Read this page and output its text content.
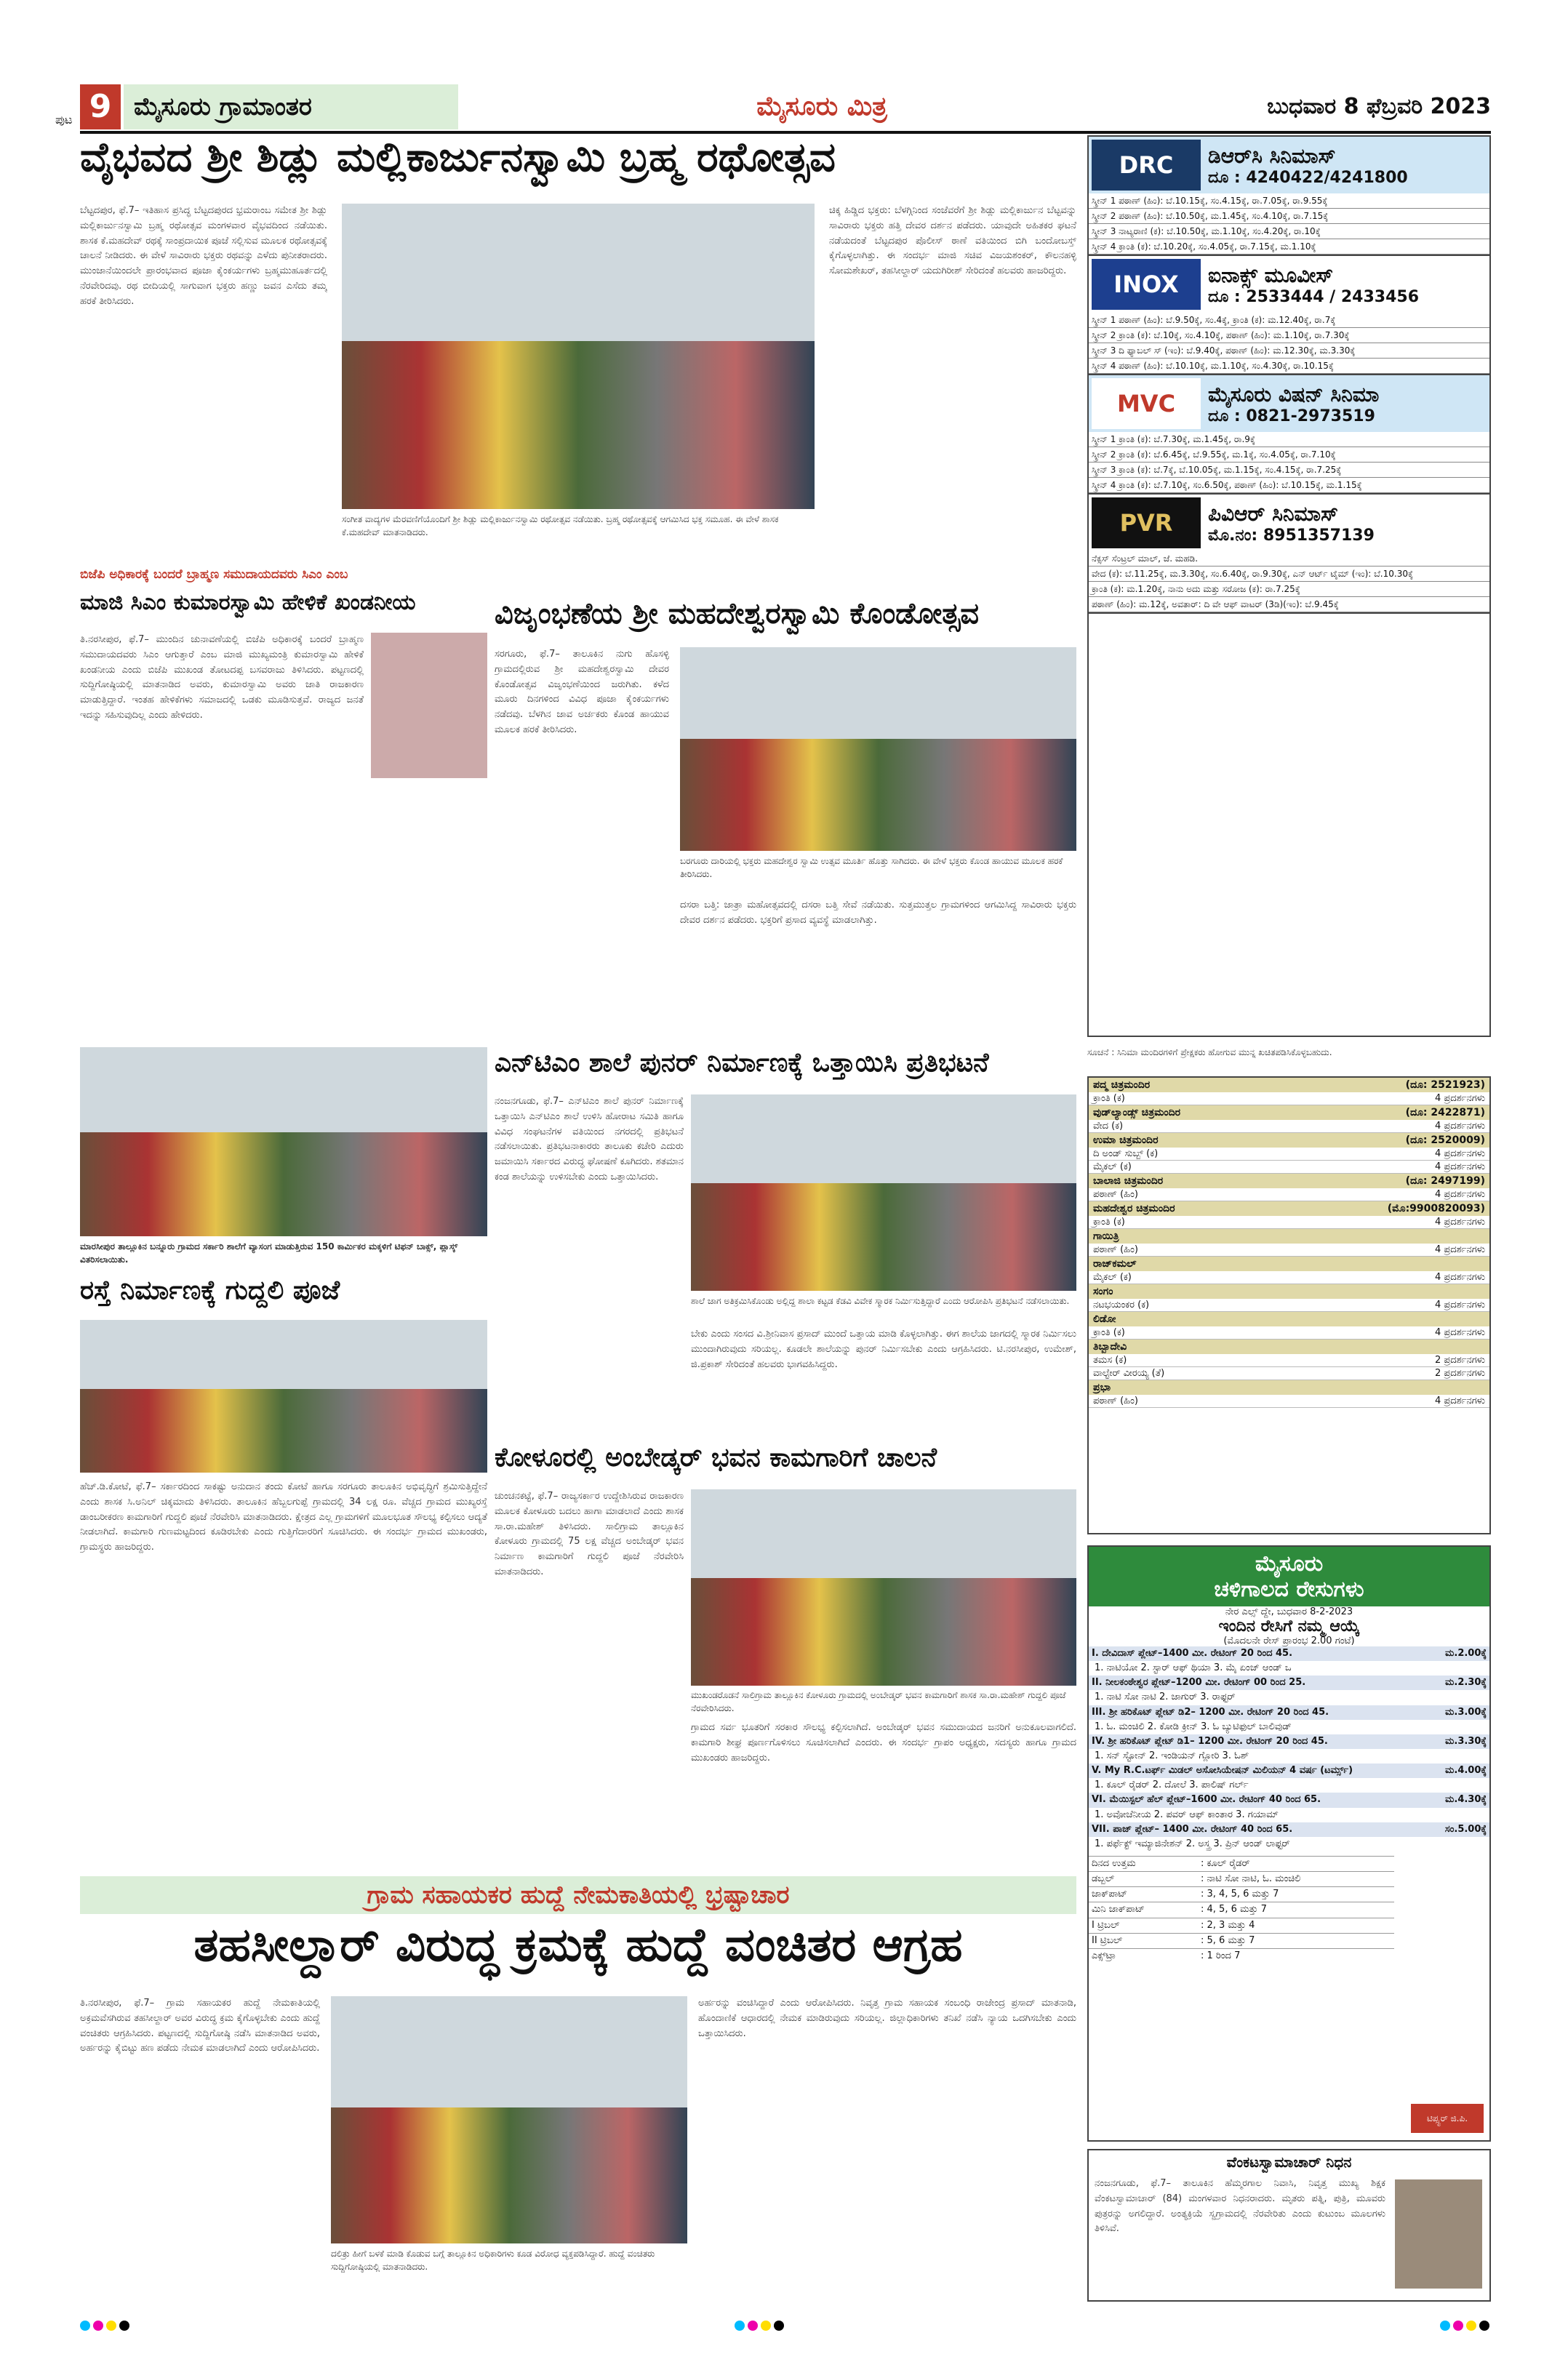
ಪುಟ 9 ಮೈಸೂರು ಗ್ರಾಮಾಂತರ	ಮೈಸೂರು ಮಿತ್ರ	ಬುಧವಾರ 8 ಫೆಬ್ರವರಿ 2023
ವೈಭವದ ಶ್ರೀ ಶಿಡ್ಲು ಮಲ್ಲಿಕಾರ್ಜುನಸ್ವಾಮಿ ಬ್ರಹ್ಮ ರಥೋತ್ಸವ
ಬೆಟ್ಟದಪುರ, ಫೆ.7– ಇತಿಹಾಸ ಪ್ರಸಿದ್ಧ ಬೆಟ್ಟದಪುರದ ಭ್ರಮರಾಂಬ ಸಮೇತ ಶ್ರೀ ಶಿಡ್ಲು ಮಲ್ಲಿಕಾರ್ಜುನಸ್ವಾಮಿ ಬ್ರಹ್ಮ ರಥೋತ್ಸವ ಮಂಗಳವಾರ ವೈಭವದಿಂದ ನಡೆಯಿತು. ಶಾಸಕ ಕೆ.ಮಹದೇವ್ ರಥಕ್ಕೆ ಸಾಂಪ್ರದಾಯಿಕ ಪೂಜೆ ಸಲ್ಲಿಸುವ ಮೂಲಕ ರಥೋತ್ಸವಕ್ಕೆ ಚಾಲನೆ ನೀಡಿದರು. ಈ ವೇಳೆ ಸಾವಿರಾರು ಭಕ್ತರು ರಥವನ್ನು ಎಳೆದು ಪುನೀತರಾದರು. ಮುಂಜಾನೆಯಿಂದಲೇ ಪ್ರಾರಂಭವಾದ ಪೂಜಾ ಕೈಂಕರ್ಯಗಳು ಬ್ರಹ್ಮಮುಹೂರ್ತದಲ್ಲಿ ನೆರವೇರಿದವು. ರಥ ಬೀದಿಯಲ್ಲಿ ಸಾಗುವಾಗ ಭಕ್ತರು ಹಣ್ಣು ಜವನ ಎಸೆದು ತಮ್ಮ ಹರಕೆ ತೀರಿಸಿದರು.
ಸಂಗೀತ ವಾದ್ಯಗಳ ಮೆರವಣಿಗೆಯೊಂದಿಗೆ ಶ್ರೀ ಶಿಡ್ಲು ಮಲ್ಲಿಕಾರ್ಜುನಸ್ವಾಮಿ ರಥೋತ್ಸವ ನಡೆಯಿತು. ಬ್ರಹ್ಮ ರಥೋತ್ಸವಕ್ಕೆ ಆಗಮಿಸಿದ ಭಕ್ತ ಸಮೂಹ. ಈ ವೇಳೆ ಶಾಸಕ ಕೆ.ಮಹದೇವ್ ಮಾತನಾಡಿದರು.
ಚಿಕ್ಕ ಹಿಡ್ಡಿದ ಭಕ್ತರು: ಬೆಳಗ್ಗಿನಿಂದ ಸಂಜೆವರೆಗೆ ಶ್ರೀ ಶಿಡ್ಲು ಮಲ್ಲಿಕಾರ್ಜುನ ಬೆಟ್ಟವನ್ನು ಸಾವಿರಾರು ಭಕ್ತರು ಹತ್ತಿ ದೇವರ ದರ್ಶನ ಪಡೆದರು. ಯಾವುದೇ ಅಹಿತಕರ ಘಟನೆ ನಡೆಯದಂತೆ ಬೆಟ್ಟದಪುರ ಪೊಲೀಸ್ ಠಾಣೆ ವತಿಯಿಂದ ಬಿಗಿ ಬಂದೋಬಸ್ತ್ ಕೈಗೊಳ್ಳಲಾಗಿತ್ತು. ಈ ಸಂದರ್ಭ ಮಾಜಿ ಸಚಿವ ವಿಜಯಶಂಕರ್, ಕೌಲನಹಳ್ಳಿ ಸೋಮಶೇಖರ್, ತಹಸೀಲ್ದಾರ್ ಯದುಗಿರೀಶ್ ಸೇರಿದಂತೆ ಹಲವರು ಹಾಜರಿದ್ದರು.
ಬಿಜೆಪಿ ಅಧಿಕಾರಕ್ಕೆ ಬಂದರೆ ಬ್ರಾಹ್ಮಣ ಸಮುದಾಯದವರು ಸಿಎಂ ಎಂಬ
ಮಾಜಿ ಸಿಎಂ ಕುಮಾರಸ್ವಾಮಿ ಹೇಳಿಕೆ ಖಂಡನೀಯ
ತಿ.ನರಸೀಪುರ, ಫೆ.7– ಮುಂದಿನ ಚುನಾವಣೆಯಲ್ಲಿ ಬಿಜೆಪಿ ಅಧಿಕಾರಕ್ಕೆ ಬಂದರೆ ಬ್ರಾಹ್ಮಣ ಸಮುದಾಯದವರು ಸಿಎಂ ಆಗುತ್ತಾರೆ ಎಂಬ ಮಾಜಿ ಮುಖ್ಯಮಂತ್ರಿ ಕುಮಾರಸ್ವಾಮಿ ಹೇಳಿಕೆ ಖಂಡನೀಯ ಎಂದು ಬಿಜೆಪಿ ಮುಖಂಡ ತೋಟದಪ್ಪ ಬಸವರಾಜು ತಿಳಿಸಿದರು. ಪಟ್ಟಣದಲ್ಲಿ ಸುದ್ದಿಗೋಷ್ಠಿಯಲ್ಲಿ ಮಾತನಾಡಿದ ಅವರು, ಕುಮಾರಸ್ವಾಮಿ ಅವರು ಜಾತಿ ರಾಜಕಾರಣ ಮಾಡುತ್ತಿದ್ದಾರೆ. ಇಂತಹ ಹೇಳಿಕೆಗಳು ಸಮಾಜದಲ್ಲಿ ಒಡಕು ಮೂಡಿಸುತ್ತವೆ. ರಾಜ್ಯದ ಜನತೆ ಇದನ್ನು ಸಹಿಸುವುದಿಲ್ಲ ಎಂದು ಹೇಳಿದರು.
ಮಾರಸೀಪುರ ತಾಲ್ಲೂಕಿನ ಬನ್ನೂರು ಗ್ರಾಮದ ಸರ್ಕಾರಿ ಶಾಲೆಗೆ ವ್ಯಾಸಂಗ ಮಾಡುತ್ತಿರುವ 150 ಕಾರ್ಮಿಕರ ಮಕ್ಕಳಿಗೆ ಟಿಫನ್ ಬಾಕ್ಸ್, ಪ್ಲಾಸ್ಕ್ ವಿತರಿಸಲಾಯಿತು.
ರಸ್ತೆ ನಿರ್ಮಾಣಕ್ಕೆ ಗುದ್ದಲಿ ಪೂಜೆ
ಹೆಚ್.ಡಿ.ಕೋಟೆ, ಫೆ.7– ಸರ್ಕಾರದಿಂದ ಸಾಕಷ್ಟು ಅನುದಾನ ತಂದು ಕೋಟೆ ಹಾಗೂ ಸರಗೂರು ತಾಲೂಕಿನ ಅಭಿವೃದ್ಧಿಗೆ ಶ್ರಮಿಸುತ್ತಿದ್ದೇನೆ ಎಂದು ಶಾಸಕ ಸಿ.ಅನಿಲ್ ಚಿಕ್ಕಮಾದು ತಿಳಿಸಿದರು. ತಾಲೂಕಿನ ಹೆಬ್ಬಲಗುಪ್ಪೆ ಗ್ರಾಮದಲ್ಲಿ 34 ಲಕ್ಷ ರೂ. ವೆಚ್ಚದ ಗ್ರಾಮದ ಮುಖ್ಯರಸ್ತೆ ಡಾಂಬರೀಕರಣ ಕಾಮಗಾರಿಗೆ ಗುದ್ದಲಿ ಪೂಜೆ ನೆರವೇರಿಸಿ ಮಾತನಾಡಿದರು. ಕ್ಷೇತ್ರದ ಎಲ್ಲ ಗ್ರಾಮಗಳಿಗೆ ಮೂಲಭೂತ ಸೌಲಭ್ಯ ಕಲ್ಪಿಸಲು ಆದ್ಯತೆ ನೀಡಲಾಗಿದೆ. ಕಾಮಗಾರಿ ಗುಣಮಟ್ಟದಿಂದ ಕೂಡಿರಬೇಕು ಎಂದು ಗುತ್ತಿಗೆದಾರರಿಗೆ ಸೂಚಿಸಿದರು. ಈ ಸಂದರ್ಭ ಗ್ರಾಮದ ಮುಖಂಡರು, ಗ್ರಾಮಸ್ಥರು ಹಾಜರಿದ್ದರು.
ವಿಜೃಂಭಣೆಯ ಶ್ರೀ ಮಹದೇಶ್ವರಸ್ವಾಮಿ ಕೊಂಡೋತ್ಸವ
ಸರಗೂರು, ಫೆ.7– ತಾಲೂಕಿನ ನುಗು ಹೊಸಳ್ಳಿ ಗ್ರಾಮದಲ್ಲಿರುವ ಶ್ರೀ ಮಹದೇಶ್ವರಸ್ವಾಮಿ ದೇವರ ಕೊಂಡೋತ್ಸವ ವಿಜೃಂಭಣೆಯಿಂದ ಜರುಗಿತು. ಕಳೆದ ಮೂರು ದಿನಗಳಿಂದ ವಿವಿಧ ಪೂಜಾ ಕೈಂಕರ್ಯಗಳು ನಡೆದವು. ಬೆಳಗಿನ ಜಾವ ಅರ್ಚಕರು ಕೊಂಡ ಹಾಯುವ ಮೂಲಕ ಹರಕೆ ತೀರಿಸಿದರು.
ಬರಗೂರು ದಾರಿಯಲ್ಲಿ ಭಕ್ತರು ಮಹದೇಶ್ವರ ಸ್ವಾಮಿ ಉತ್ಸವ ಮೂರ್ತಿ ಹೊತ್ತು ಸಾಗಿದರು. ಈ ವೇಳೆ ಭಕ್ತರು ಕೊಂಡ ಹಾಯುವ ಮೂಲಕ ಹರಕೆ ತೀರಿಸಿದರು.
ದಸರಾ ಬತ್ತಿ: ಜಾತ್ರಾ ಮಹೋತ್ಸವದಲ್ಲಿ ದಸರಾ ಬತ್ತಿ ಸೇವೆ ನಡೆಯಿತು. ಸುತ್ತಮುತ್ತಲ ಗ್ರಾಮಗಳಿಂದ ಆಗಮಿಸಿದ್ದ ಸಾವಿರಾರು ಭಕ್ತರು ದೇವರ ದರ್ಶನ ಪಡೆದರು. ಭಕ್ತರಿಗೆ ಪ್ರಸಾದ ವ್ಯವಸ್ಥೆ ಮಾಡಲಾಗಿತ್ತು.
ಎನ್‌ಟಿಎಂ ಶಾಲೆ ಪುನರ್ ನಿರ್ಮಾಣಕ್ಕೆ ಒತ್ತಾಯಿಸಿ ಪ್ರತಿಭಟನೆ
ನಂಜನಗೂಡು, ಫೆ.7– ಎನ್‌ಟಿಎಂ ಶಾಲೆ ಪುನರ್ ನಿರ್ಮಾಣಕ್ಕೆ ಒತ್ತಾಯಿಸಿ ಎನ್‌ಟಿಎಂ ಶಾಲೆ ಉಳಿಸಿ ಹೋರಾಟ ಸಮಿತಿ ಹಾಗೂ ವಿವಿಧ ಸಂಘಟನೆಗಳ ವತಿಯಿಂದ ನಗರದಲ್ಲಿ ಪ್ರತಿಭಟನೆ ನಡೆಸಲಾಯಿತು. ಪ್ರತಿಭಟನಾಕಾರರು ತಾಲೂಕು ಕಚೇರಿ ಎದುರು ಜಮಾಯಿಸಿ ಸರ್ಕಾರದ ವಿರುದ್ಧ ಘೋಷಣೆ ಕೂಗಿದರು. ಶತಮಾನ ಕಂಡ ಶಾಲೆಯನ್ನು ಉಳಿಸಬೇಕು ಎಂದು ಒತ್ತಾಯಿಸಿದರು.
ಶಾಲೆ ಜಾಗ ಅತಿಕ್ರಮಿಸಿಕೊಂಡು ಅಲ್ಲಿದ್ದ ಶಾಲಾ ಕಟ್ಟಡ ಕೆಡವಿ ವಿವೇಕ ಸ್ಮಾರಕ ನಿರ್ಮಿಸುತ್ತಿದ್ದಾರೆ ಎಂದು ಆರೋಪಿಸಿ ಪ್ರತಿಭಟನೆ ನಡೆಸಲಾಯಿತು.
ಬೇಕು ಎಂದು ಸಂಸದ ವಿ.ಶ್ರೀನಿವಾಸ ಪ್ರಸಾದ್ ಮುಂದೆ ಒತ್ತಾಯ ಮಾಡಿ ಕೊಳ್ಳಲಾಗಿತ್ತು. ಈಗ ಶಾಲೆಯ ಜಾಗದಲ್ಲಿ ಸ್ಮಾರಕ ನಿರ್ಮಿಸಲು ಮುಂದಾಗಿರುವುದು ಸರಿಯಲ್ಲ. ಕೂಡಲೇ ಶಾಲೆಯನ್ನು ಪುನರ್ ನಿರ್ಮಿಸಬೇಕು ಎಂದು ಆಗ್ರಹಿಸಿದರು. ಟಿ.ನರಸೀಪುರ, ಉಮೇಶ್, ಜಿ.ಪ್ರಕಾಶ್ ಸೇರಿದಂತೆ ಹಲವರು ಭಾಗವಹಿಸಿದ್ದರು.
ಕೋಳೂರಲ್ಲಿ ಅಂಬೇಡ್ಕರ್ ಭವನ ಕಾಮಗಾರಿಗೆ ಚಾಲನೆ
ಚುಂಚನಕಟ್ಟೆ, ಫೆ.7– ರಾಜ್ಯಸರ್ಕಾರ ಉದ್ದೇಶಿಸಿರುವ ರಾಜಕಾರಣ ಮೂಲಕ ಕೋಳೂರು ಬದಲು ಹಾಗಾ ಮಾಡಲಾದೆ ಎಂದು ಶಾಸಕ ಸಾ.ರಾ.ಮಹೇಶ್ ತಿಳಿಸಿದರು. ಸಾಲಿಗ್ರಾಮ ತಾಲ್ಲೂಕಿನ ಕೋಳೂರು ಗ್ರಾಮದಲ್ಲಿ 75 ಲಕ್ಷ ವೆಚ್ಚದ ಅಂಬೇಡ್ಕರ್ ಭವನ ನಿರ್ಮಾಣ ಕಾಮಗಾರಿಗೆ ಗುದ್ದಲಿ ಪೂಜೆ ನೆರವೇರಿಸಿ ಮಾತನಾಡಿದರು.
ಮುಖಂಡರೊಡನೆ ಸಾಲಿಗ್ರಾಮ ತಾಲ್ಲೂಕಿನ ಕೋಳೂರು ಗ್ರಾಮದಲ್ಲಿ ಅಂಬೇಡ್ಕರ್ ಭವನ ಕಾಮಗಾರಿಗೆ ಶಾಸಕ ಸಾ.ರಾ.ಮಹೇಶ್ ಗುದ್ದಲಿ ಪೂಜೆ ನೆರವೇರಿಸಿದರು.
ಗ್ರಾಮದ ಸರ್ವ ಭೂತರಿಗೆ ಸರಕಾರ ಸೌಲಭ್ಯ ಕಲ್ಪಿಸಲಾಗಿದೆ. ಅಂಬೇಡ್ಕರ್ ಭವನ ಸಮುದಾಯದ ಜನರಿಗೆ ಅನುಕೂಲವಾಗಲಿದೆ. ಕಾಮಗಾರಿ ಶೀಘ್ರ ಪೂರ್ಣಗೊಳಿಸಲು ಸೂಚಿಸಲಾಗಿದೆ ಎಂದರು. ಈ ಸಂದರ್ಭ ಗ್ರಾಪಂ ಅಧ್ಯಕ್ಷರು, ಸದಸ್ಯರು ಹಾಗೂ ಗ್ರಾಮದ ಮುಖಂಡರು ಹಾಜರಿದ್ದರು.
ಗ್ರಾಮ ಸಹಾಯಕರ ಹುದ್ದೆ ನೇಮಕಾತಿಯಲ್ಲಿ ಭ್ರಷ್ಟಾಚಾರ
ತಹಸೀಲ್ದಾರ್ ವಿರುದ್ಧ ಕ್ರಮಕ್ಕೆ ಹುದ್ದೆ ವಂಚಿತರ ಆಗ್ರಹ
ತಿ.ನರಸೀಪುರ, ಫೆ.7– ಗ್ರಾಮ ಸಹಾಯಕರ ಹುದ್ದೆ ನೇಮಕಾತಿಯಲ್ಲಿ ಅಕ್ರಮವೆಸಗಿರುವ ತಹಸೀಲ್ದಾರ್ ಅವರ ವಿರುದ್ಧ ಕ್ರಮ ಕೈಗೊಳ್ಳಬೇಕು ಎಂದು ಹುದ್ದೆ ವಂಚಿತರು ಆಗ್ರಹಿಸಿದರು. ಪಟ್ಟಣದಲ್ಲಿ ಸುದ್ದಿಗೋಷ್ಠಿ ನಡೆಸಿ ಮಾತನಾಡಿದ ಅವರು, ಅರ್ಹರನ್ನು ಕೈಬಿಟ್ಟು ಹಣ ಪಡೆದು ನೇಮಕ ಮಾಡಲಾಗಿದೆ ಎಂದು ಆರೋಪಿಸಿದರು.
ದಲಿತ್ರು ಹೀಗೆ ಬಳಕೆ ಮಾಡಿ ಕೊಡುವ ಬಗ್ಗೆ ತಾಲ್ಲೂಕಿನ ಅಧಿಕಾರಿಗಳು ಕೂಡ ವಿರೋಧ ವ್ಯಕ್ತಪಡಿಸಿದ್ದಾರೆ. ಹುದ್ದೆ ವಂಚಿತರು ಸುದ್ದಿಗೋಷ್ಠಿಯಲ್ಲಿ ಮಾತನಾಡಿದರು.
ಅರ್ಹರನ್ನು ವಂಚಿಸಿದ್ದಾರೆ ಎಂದು ಆರೋಪಿಸಿದರು. ನಿವೃತ್ತ ಗ್ರಾಮ ಸಹಾಯಕ ಸಂಬಂಧಿ ರಾಜೇಂದ್ರ ಪ್ರಸಾದ್ ಮಾತನಾಡಿ, ಹೊಂದಾಣಿಕೆ ಆಧಾರದಲ್ಲಿ ನೇಮಕ ಮಾಡಿರುವುದು ಸರಿಯಲ್ಲ. ಜಿಲ್ಲಾಧಿಕಾರಿಗಳು ತನಿಖೆ ನಡೆಸಿ ನ್ಯಾಯ ಒದಗಿಸಬೇಕು ಎಂದು ಒತ್ತಾಯಿಸಿದರು.
DRC	ಡಿಆರ್‌ಸಿ ಸಿನಿಮಾಸ್
ದೂ : 4240422/4241800
ಸ್ಕ್ರೀನ್ 1 ಪಠಾಣ್ (ಹಿಂ): ಬೆ.10.15ಕ್ಕೆ, ಸಂ.4.15ಕ್ಕೆ, ರಾ.7.05ಕ್ಕೆ, ರಾ.9.55ಕ್ಕೆ
ಸ್ಕ್ರೀನ್ 2 ಪಠಾಣ್ (ಹಿಂ): ಬೆ.10.50ಕ್ಕೆ, ಮ.1.45ಕ್ಕೆ, ಸಂ.4.10ಕ್ಕೆ, ರಾ.7.15ಕ್ಕೆ
ಸ್ಕ್ರೀನ್ 3 ನಾಟ್ಯರಾಣಿ (ಕ): ಬೆ.10.50ಕ್ಕೆ, ಮ.1.10ಕ್ಕೆ, ಸಂ.4.20ಕ್ಕೆ, ರಾ.10ಕ್ಕೆ
ಸ್ಕ್ರೀನ್ 4 ಕ್ರಾಂತಿ (ಕ): ಬೆ.10.20ಕ್ಕೆ, ಸಂ.4.05ಕ್ಕೆ, ರಾ.7.15ಕ್ಕೆ, ಮ.1.10ಕ್ಕೆ
INOX	ಐನಾಕ್ಸ್ ಮೂವೀಸ್
ದೂ : 2533444 / 2433456
ಸ್ಕ್ರೀನ್ 1 ಪಠಾಣ್ (ಹಿಂ): ಬೆ.9.50ಕ್ಕೆ, ಸಂ.4ಕ್ಕೆ, ಕ್ರಾಂತಿ (ಕ): ಮ.12.40ಕ್ಕೆ, ರಾ.7ಕ್ಕೆ
ಸ್ಕ್ರೀನ್ 2 ಕ್ರಾಂತಿ (ಕ): ಬೆ.10ಕ್ಕೆ, ಸಂ.4.10ಕ್ಕೆ, ಪಠಾಣ್ (ಹಿಂ): ಮ.1.10ಕ್ಕೆ, ರಾ.7.30ಕ್ಕೆ
ಸ್ಕ್ರೀನ್ 3 ದಿ ಫ್ಯಾಬಲ್ ಸ್ (ಇಂ): ಬೆ.9.40ಕ್ಕೆ, ಪಠಾಣ್ (ಹಿಂ): ಮ.12.30ಕ್ಕೆ, ಮ.3.30ಕ್ಕೆ
ಸ್ಕ್ರೀನ್ 4 ಪಠಾಣ್ (ಹಿಂ): ಬೆ.10.10ಕ್ಕೆ, ಮ.1.10ಕ್ಕೆ, ಸಂ.4.30ಕ್ಕೆ, ರಾ.10.15ಕ್ಕೆ
MVC	ಮೈಸೂರು ವಿಷನ್ ಸಿನಿಮಾ
ದೂ : 0821-2973519
ಸ್ಕ್ರೀನ್ 1 ಕ್ರಾಂತಿ (ಕ): ಬೆ.7.30ಕ್ಕೆ, ಮ.1.45ಕ್ಕೆ, ರಾ.9ಕ್ಕೆ
ಸ್ಕ್ರೀನ್ 2 ಕ್ರಾಂತಿ (ಕ): ಬೆ.6.45ಕ್ಕೆ, ಬೆ.9.55ಕ್ಕೆ, ಮ.1ಕ್ಕೆ, ಸಂ.4.05ಕ್ಕೆ, ರಾ.7.10ಕ್ಕೆ
ಸ್ಕ್ರೀನ್ 3 ಕ್ರಾಂತಿ (ಕ): ಬೆ.7ಕ್ಕೆ, ಬೆ.10.05ಕ್ಕೆ, ಮ.1.15ಕ್ಕೆ, ಸಂ.4.15ಕ್ಕೆ, ರಾ.7.25ಕ್ಕೆ
ಸ್ಕ್ರೀನ್ 4 ಕ್ರಾಂತಿ (ಕ): ಬೆ.7.10ಕ್ಕೆ, ಸಂ.6.50ಕ್ಕೆ, ಪಠಾಣ್ (ಹಿಂ): ಬೆ.10.15ಕ್ಕೆ, ಮ.1.15ಕ್ಕೆ
PVR	ಪಿವಿಆರ್ ಸಿನಿಮಾಸ್
ಮೊ.ನಂ: 8951357139
ನೆಕ್ಸಸ್ ಸೆಂಟ್ರಲ್ ಮಾಲ್, ಜೆ. ಮಹಡಿ.
ವೇದ (ಕ): ಬೆ.11.25ಕ್ಕೆ, ಮ.3.30ಕ್ಕೆ, ಸಂ.6.40ಕ್ಕೆ, ರಾ.9.30ಕ್ಕೆ, ಎನ್ ಆರ್ಟ್ ಟೈಮ್ (ಇಂ): ಬೆ.10.30ಕ್ಕೆ
ಕ್ರಾಂತಿ (ಕ): ಮ.1.20ಕ್ಕೆ, ನಾನು ಅದು ಮತ್ತು ಸರೋಜ (ಕ): ರಾ.7.25ಕ್ಕೆ
ಪಠಾಣ್ (ಹಿಂ): ಮ.12ಕ್ಕೆ, ಅವತಾರ್: ದಿ ವೇ ಆಫ್ ವಾಟರ್ (3ಡಿ)(ಇಂ): ಬೆ.9.45ಕ್ಕೆ
ಸೂಚನೆ : ಸಿನಿಮಾ ಮಂದಿರಗಳಿಗೆ ಪ್ರೇಕ್ಷಕರು ಹೋಗುವ ಮುನ್ನ ಖಚಿತಪಡಿಸಿಕೊಳ್ಳಬಹುದು.
ಪದ್ಮ ಚಿತ್ರಮಂದಿರ	(ದೂ: 2521923)
ಕ್ರಾಂತಿ (ಕ)	4 ಪ್ರದರ್ಶನಗಳು
ವುಡ್‌ಲ್ಯಾಂಡ್ಸ್ ಚಿತ್ರಮಂದಿರ	(ದೂ: 2422871)
ವೇದ (ಕ)	4 ಪ್ರದರ್ಶನಗಳು
ಉಮಾ ಚಿತ್ರಮಂದಿರ	(ದೂ: 2520009)
ದಿ ಅಂಡ್ ಸುಬ್ಬ್ (ಕ)	4 ಪ್ರದರ್ಶನಗಳು
ಮೈಕಲ್ (ಕ)	4 ಪ್ರದರ್ಶನಗಳು
ಬಾಲಾಜಿ ಚಿತ್ರಮಂದಿರ	(ದೂ: 2497199)
ಪಠಾಣ್ (ಹಿಂ)	4 ಪ್ರದರ್ಶನಗಳು
ಮಹದೇಶ್ವರ ಚಿತ್ರಮಂದಿರ	(ಮೊ:9900820093)
ಕ್ರಾಂತಿ (ಕ)	4 ಪ್ರದರ್ಶನಗಳು
ಗಾಯಿತ್ರಿ
ಪಠಾಣ್ (ಹಿಂ)	4 ಪ್ರದರ್ಶನಗಳು
ರಾಜ್‌ಕಮಲ್
ಮೈಕಲ್ (ಕ)	4 ಪ್ರದರ್ಶನಗಳು
ಸಂಗಂ
ನಟಭಯಂಕರ (ಕ)	4 ಪ್ರದರ್ಶನಗಳು
ಲಿಡೋ
ಕ್ರಾಂತಿ (ಕ)	4 ಪ್ರದರ್ಶನಗಳು
ತಿಬ್ಬಾದೇವಿ
ತಮಸ (ಕ)	2 ಪ್ರದರ್ಶನಗಳು
ವಾಲ್ಟೇರ್ ವೀರಯ್ಯ (ತೆ)	2 ಪ್ರದರ್ಶನಗಳು
ಪ್ರಭಾ
ಪಠಾಣ್ (ಹಿಂ)	4 ಪ್ರದರ್ಶನಗಳು
ಮೈಸೂರು
ಚಳಿಗಾಲದ ರೇಸುಗಳು
ನೇರ ಎಲ್ಸ್‌ ದ್ದೇ, ಬುಧವಾರ 8-2-2023
ಇಂದಿನ ರೇಸಿಗೆ ನಮ್ಮ ಆಯ್ಕೆ
(ಮೊದಲನೇ ರೇಸ್ ಪ್ರಾರಂಭ 2.00 ಗಂಟೆ)
I. ದೇವಿದಾಸ್ ಪ್ಲೇಟ್–1400 ಮೀ. ರೇಟಿಂಗ್ 20 ರಿಂದ 45.	ಮ.2.00ಕ್ಕೆ
1. ನಾಟಿಯೋ 2. ಸ್ಟಾರ್ ಆಫ್ ಥಿಯಾ 3. ಮೈ ಏಂಜ್ ಆಂಡ್ ಒ
II. ನೀಲಕಂಠೇಶ್ವರ ಪ್ಲೇಟ್–1200 ಮೀ. ರೇಟಿಂಗ್ 00 ರಿಂದ 25.	ಮ.2.30ಕ್ಕೆ
1. ನಾಟಿ ಸೋ ನಾಟಿ 2. ಜಾಗುರ್ 3. ರಾಫ್ಟರ್
III. ಶ್ರೀ ಹರಿಕೊಟ್ ಪ್ಲೇಟ್ ಡಿ2– 1200 ಮೀ. ರೇಟಿಂಗ್ 20 ರಿಂದ 45.	ಮ.3.00ಕ್ಕೆ
1. ಓ. ಮಂಚಿಲಿ 2. ಕೋಡಿ ಕ್ರೀನ್ 3. ಓ ಬ್ಯುಟಿಫುಲ್ ಬಾಲಿವುಡ್
IV. ಶ್ರೀ ಹರಿಕೊಟ್ ಪ್ಲೇಟ್ ಡಿ1– 1200 ಮೀ. ರೇಟಿಂಗ್ 20 ರಿಂದ 45.	ಮ.3.30ಕ್ಕೆ
1. ಸನ್ ಸ್ಟೋನ್ 2. ಇಂಡಿಯನ್ ಗ್ಲೋರಿ 3. ಓಶ್
V. My R.C.ಟರ್ಫ್ ಮಿಡಲ್ ಅಸೋಸಿಯೇಷನ್ ಮಿಲಿಯನ್ 4 ವರ್ಷ (ಟರ್ಮ್ಸ್)	ಮ.4.00ಕ್ಕೆ
1. ಕೂಲ್ ರೈಡರ್ 2. ದೋಲೆ 3. ಪಾಲಿಷ್ ಗರ್ಲ್
VI. ಮೆಯಿಸ್ಪಲ್ ಹೆಲ್ ಪ್ಲೇಟ್–1600 ಮೀ. ರೇಟಿಂಗ್ 40 ರಿಂದ 65.	ಮ.4.30ಕ್ಕೆ
1. ಅವೋಚೆನೀಯ 2. ಪವರ್ ಆಫ್ ಕಾಂತಾರ 3. ಗಯಾಮ್
VII. ಪಾಜ್ ಪ್ಲೇಟ್– 1400 ಮೀ. ರೇಟಿಂಗ್ 40 ರಿಂದ 65.	ಸಂ.5.00ಕ್ಕೆ
1. ಪರ್ಫೆಕ್ಟ್ ಇಮ್ಯಾಜಿನೇಶನ್ 2. ಅಸ್ತ್ರ 3. ಪ್ರಿನ್ ಆಂಡ್ ಲಾಫ್ಟರ್
ದಿನದ ಉತ್ತಮ	: ಕೂಲ್ ರೈಡರ್
ಡಬ್ಬಲ್	: ನಾಟಿ ಸೋ ನಾಟಿ, ಓ. ಮಂಚಿಲಿ
ಜಾಕ್‌ಪಾಟ್	: 3, 4, 5, 6 ಮತ್ತು 7
ಮಿನಿ ಜಾಕ್‌ಪಾಟ್	: 4, 5, 6 ಮತ್ತು 7
I ಟ್ರಿಬಲ್	: 2, 3 ಮತ್ತು 4
II ಟ್ರಿಬಲ್	: 5, 6 ಮತ್ತು 7
ಎಕ್ಸ್‌ಟ್ರಾ	: 1 ರಿಂದ 7
ಟಿಪ್ಸ್ಟರ್ ಜಿ.ಪಿ.
ವೆಂಕಟಸ್ವಾಮಾಚಾರ್ ನಿಧನ
ನಂಜನಗೂಡು, ಫೆ.7– ತಾಲೂಕಿನ ಹೆಮ್ಮರಗಾಲ ನಿವಾಸಿ, ನಿವೃತ್ತ ಮುಖ್ಯ ಶಿಕ್ಷಕ ವೆಂಕಟಸ್ವಾಮಾಚಾರ್ (84) ಮಂಗಳವಾರ ನಿಧನರಾದರು. ಮೃತರು ಪತ್ನಿ, ಪುತ್ರಿ, ಮೂವರು ಪುತ್ರರನ್ನು ಅಗಲಿದ್ದಾರೆ. ಅಂತ್ಯಕ್ರಿಯೆ ಸ್ವಗ್ರಾಮದಲ್ಲಿ ನೆರವೇರಿತು ಎಂದು ಕುಟುಂಬ ಮೂಲಗಳು ತಿಳಿಸಿವೆ.
